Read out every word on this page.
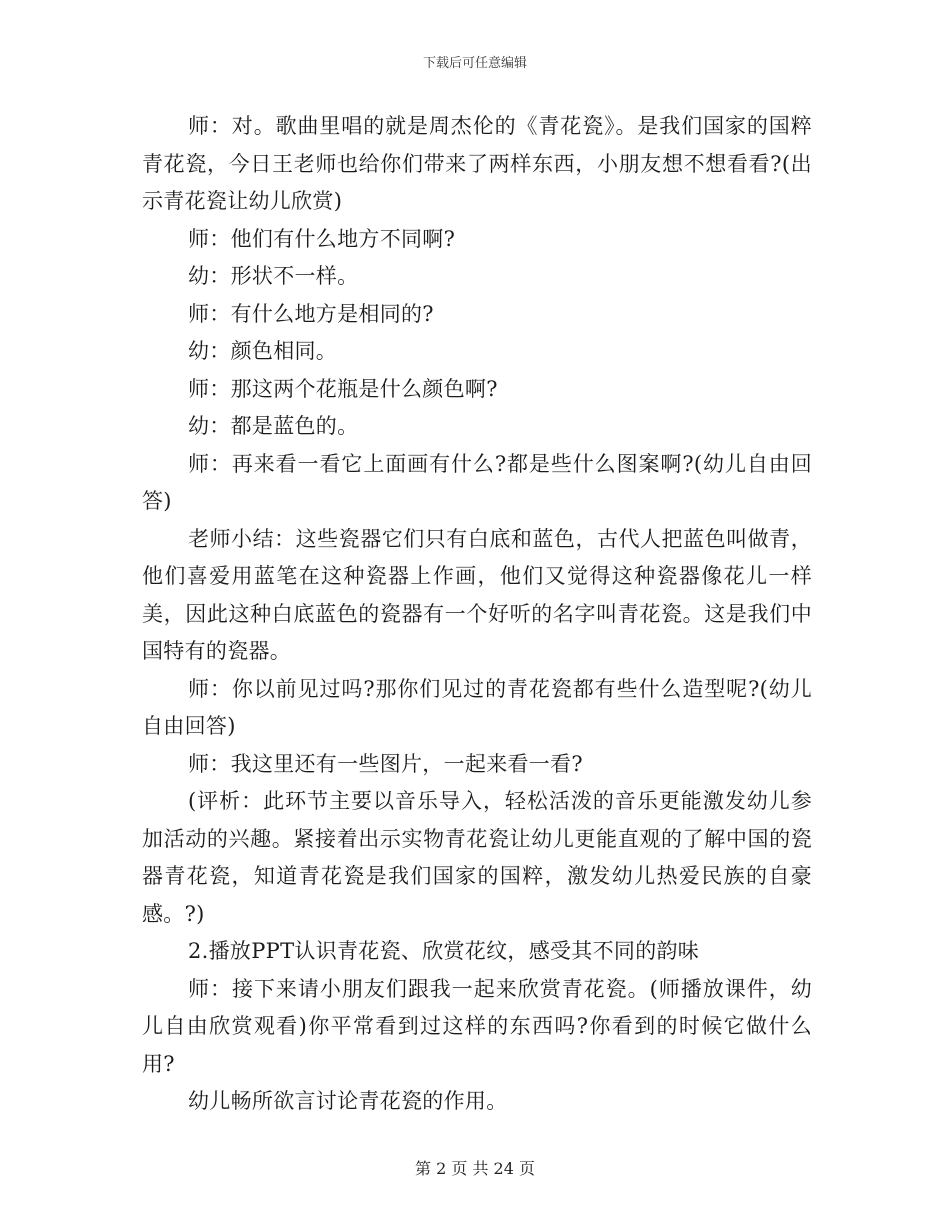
下载后可任意编辑

师：对。歌曲里唱的就是周杰伦的《青花瓷》。是我们国家的国粹青花瓷，今日王老师也给你们带来了两样东西，小朋友想不想看看?(出示青花瓷让幼儿欣赏)

师：他们有什么地方不同啊?

幼：形状不一样。

师：有什么地方是相同的?

幼：颜色相同。

师：那这两个花瓶是什么颜色啊?

幼：都是蓝色的。

师：再来看一看它上面画有什么?都是些什么图案啊?(幼儿自由回答)

老师小结：这些瓷器它们只有白底和蓝色，古代人把蓝色叫做青，他们喜爱用蓝笔在这种瓷器上作画，他们又觉得这种瓷器像花儿一样美，因此这种白底蓝色的瓷器有一个好听的名字叫青花瓷。这是我们中国特有的瓷器。

师：你以前见过吗?那你们见过的青花瓷都有些什么造型呢?(幼儿自由回答)

师：我这里还有一些图片，一起来看一看?

(评析：此环节主要以音乐导入，轻松活泼的音乐更能激发幼儿参加活动的兴趣。紧接着出示实物青花瓷让幼儿更能直观的了解中国的瓷器青花瓷，知道青花瓷是我们国家的国粹，激发幼儿热爱民族的自豪感。?)

2.播放PPT认识青花瓷、欣赏花纹，感受其不同的韵味

师：接下来请小朋友们跟我一起来欣赏青花瓷。(师播放课件，幼儿自由欣赏观看)你平常看到过这样的东西吗?你看到的时候它做什么用?

幼儿畅所欲言讨论青花瓷的作用。

第 2 页 共 24 页
